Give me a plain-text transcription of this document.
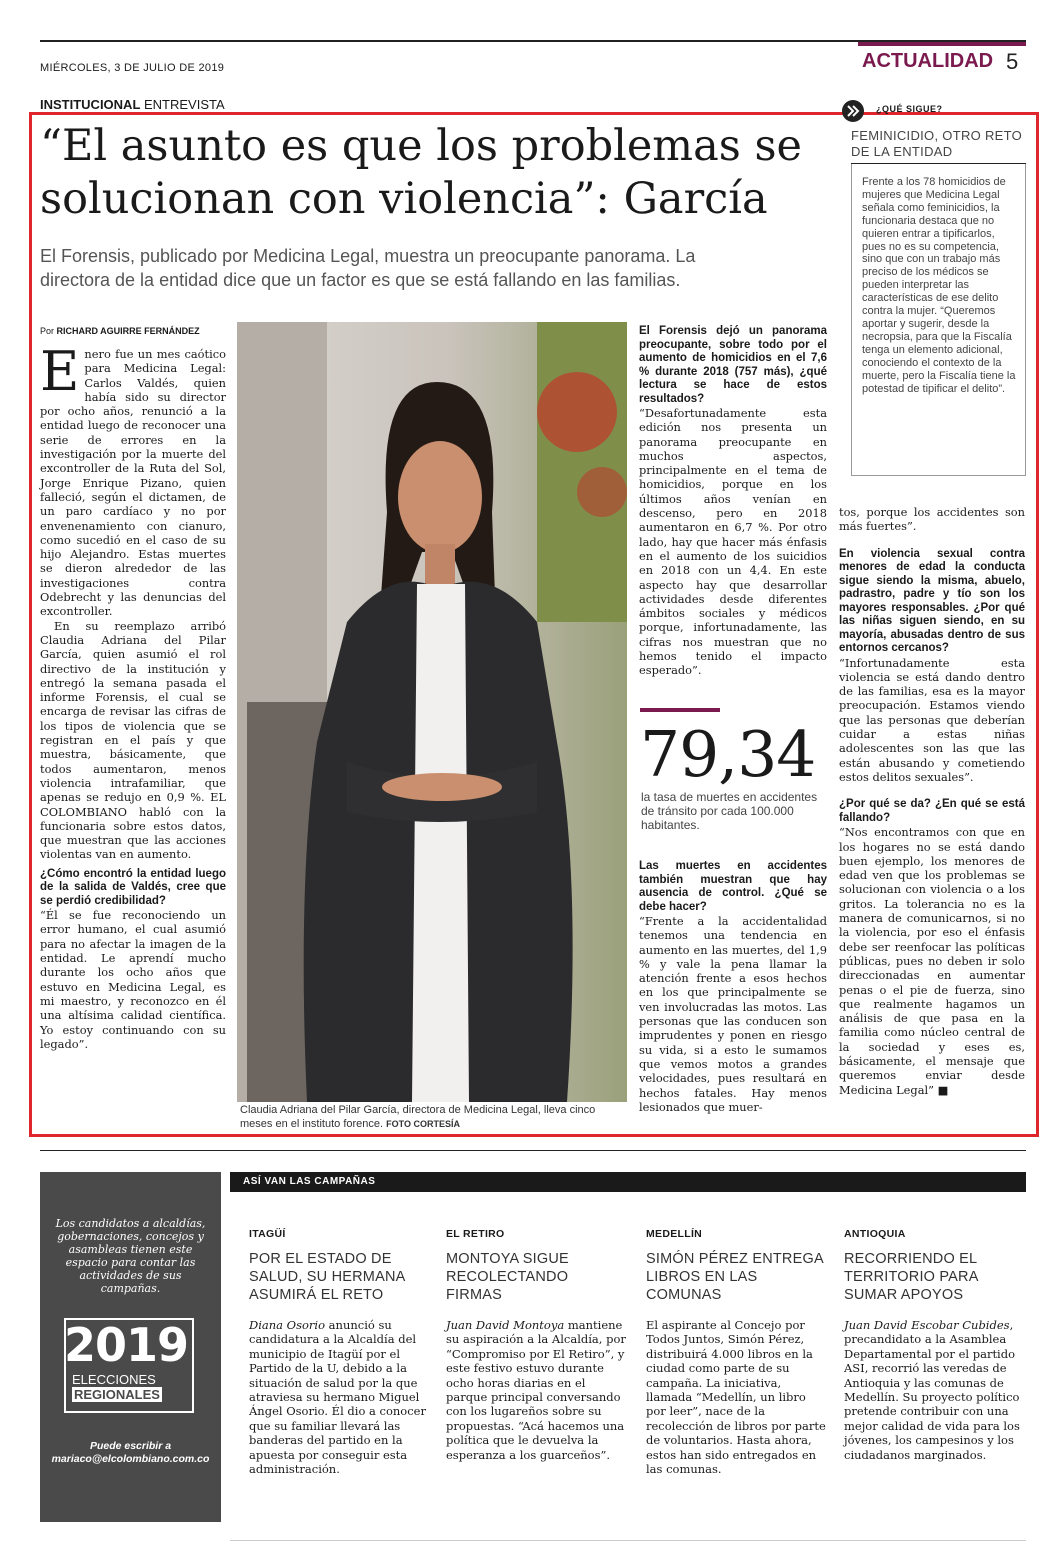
MIÉRCOLES, 3 DE JULIO DE 2019	ACTUALIDAD 5
INSTITUCIONAL ENTREVISTA
“El asunto es que los problemas se
solucionan con violencia”: García
El Forensis, publicado por Medicina Legal, muestra un preocupante panorama. La
directora de la entidad dice que un factor es que se está fallando en las familias.
Por RICHARD AGUIRRE FERNÁNDEZ
E nero fue un mes caótico para Medicina Legal: Carlos Valdés, quien había sido su director por ocho años, renunció a la entidad luego de reconocer una serie de errores en la investigación por la muerte del excontroller de la Ruta del Sol, Jorge Enrique Pizano, quien falleció, según el dictamen, de un paro cardíaco y no por envenenamiento con cianuro, como sucedió en el caso de su hijo Alejandro. Estas muertes se dieron alrededor de las investigaciones contra Odebrecht y las denuncias del excontroller.

En su reemplazo arribó Claudia Adriana del Pilar García, quien asumió el rol directivo de la institución y entregó la semana pasada el informe Forensis, el cual se encarga de revisar las cifras de los tipos de violencia que se registran en el país y que muestra, básicamente, que todos aumentaron, menos violencia intrafamiliar, que apenas se redujo en 0,9 %. EL COLOMBIANO habló con la funcionaria sobre estos datos, que muestran que las acciones violentas van en aumento.

¿Cómo encontró la entidad luego de la salida de Valdés, cree que se perdió credibilidad?

“Él se fue reconociendo un error humano, el cual asumió para no afectar la imagen de la entidad. Le aprendí mucho durante los ocho años que estuvo en Medicina Legal, es mi maestro, y reconozco en él una altísima calidad científica. Yo estoy continuando con su legado”.

Claudia Adriana del Pilar García, directora de Medicina Legal, lleva cinco meses en el instituto forence. FOTO CORTESÍA
El Forensis dejó un panorama preocupante, sobre todo por el aumento de homicidios en el 7,6 % durante 2018 (757 más), ¿qué lectura se hace de estos resultados?

“Desafortunadamente esta edición nos presenta un panorama preocupante en muchos aspectos, principalmente en el tema de homicidios, porque en los últimos años venían en descenso, pero en 2018 aumentaron en 6,7 %. Por otro lado, hay que hacer más énfasis en el aumento de los suicidios en 2018 con un 4,4. En este aspecto hay que desarrollar actividades desde diferentes ámbitos sociales y médicos porque, infortunadamente, las cifras nos muestran que no hemos tenido el impacto esperado”.

79,34
la tasa de muertes en accidentes de tránsito por cada 100.000 habitantes.
Las muertes en accidentes también muestran que hay ausencia de control. ¿Qué se debe hacer?

“Frente a la accidentalidad tenemos una tendencia en aumento en las muertes, del 1,9 % y vale la pena llamar la atención frente a esos hechos en los que principalmente se ven involucradas las motos. Las personas que las conducen son imprudentes y ponen en riesgo su vida, si a esto le sumamos que vemos motos a grandes velocidades, pues resultará en hechos fatales. Hay menos lesionados que muer-

tos, porque los accidentes son más fuertes”.

En violencia sexual contra menores de edad la conducta sigue siendo la misma, abuelo, padrastro, padre y tío son los mayores responsables. ¿Por qué las niñas siguen siendo, en su mayoría, abusadas dentro de sus entornos cercanos?

“Infortunadamente esta violencia se está dando dentro de las familias, esa es la mayor preocupación. Estamos viendo que las personas que deberían cuidar a estas niñas adolescentes son las que las están abusando y cometiendo estos delitos sexuales”.

¿Por qué se da? ¿En qué se está fallando?

“Nos encontramos con que en los hogares no se está dando buen ejemplo, los menores de edad ven que los problemas se solucionan con violencia o a los gritos. La tolerancia no es la manera de comunicarnos, si no la violencia, por eso el énfasis debe ser reenfocar las políticas públicas, pues no deben ir solo direccionadas en aumentar penas o el pie de fuerza, sino que realmente hagamos un análisis de que pasa en la familia como núcleo central de la sociedad y eses es, básicamente, el mensaje que queremos enviar desde Medicina Legal” ■

¿QUÉ SIGUE?
FEMINICIDIO, OTRO RETO DE LA ENTIDAD
Frente a los 78 homicidios de mujeres que Medicina Legal señala como feminicidios, la funcionaria destaca que no quieren entrar a tipificarlos, pues no es su competencia, sino que con un trabajo más preciso de los médicos se pueden interpretar las características de ese delito contra la mujer. “Queremos aportar y sugerir, desde la necropsia, para que la Fiscalía tenga un elemento adicional, conociendo el contexto de la muerte, pero la Fiscalía tiene la potestad de tipificar el delito”.
Los candidatos a alcaldías, gobernaciones, concejos y asambleas tienen este espacio para contar las actividades de sus campañas.
2019
ELECCIONES
REGIONALES
Puede escribir a
mariaco@elcolombiano.com.co
ASÍ VAN LAS CAMPAÑAS
ITAGÜÍ
POR EL ESTADO DE SALUD, SU HERMANA ASUMIRÁ EL RETO

Diana Osorio anunció su candidatura a la Alcaldía del municipio de Itagüí por el Partido de la U, debido a la situación de salud por la que atraviesa su hermano Miguel Ángel Osorio. Él dio a conocer que su familiar llevará las banderas del partido en la apuesta por conseguir esta administración.

EL RETIRO
MONTOYA SIGUE RECOLECTANDO FIRMAS

Juan David Montoya mantiene su aspiración a la Alcaldía, por “Compromiso por El Retiro”, y este festivo estuvo durante ocho horas diarias en el parque principal conversando con los lugareños sobre su propuestas. “Acá hacemos una política que le devuelva la esperanza a los guarceños”.

MEDELLÍN
SIMÓN PÉREZ ENTREGA LIBROS EN LAS COMUNAS

El aspirante al Concejo por Todos Juntos, Simón Pérez, distribuirá 4.000 libros en la ciudad como parte de su campaña. La iniciativa, llamada “Medellín, un libro por leer”, nace de la recolección de libros por parte de voluntarios. Hasta ahora, estos han sido entregados en las comunas.

ANTIOQUIA
RECORRIENDO EL TERRITORIO PARA SUMAR APOYOS

Juan David Escobar Cubides, precandidato a la Asamblea Departamental por el partido ASI, recorrió las veredas de Antioquia y las comunas de Medellín. Su proyecto político pretende contribuir con una mejor calidad de vida para los jóvenes, los campesinos y los ciudadanos marginados.
